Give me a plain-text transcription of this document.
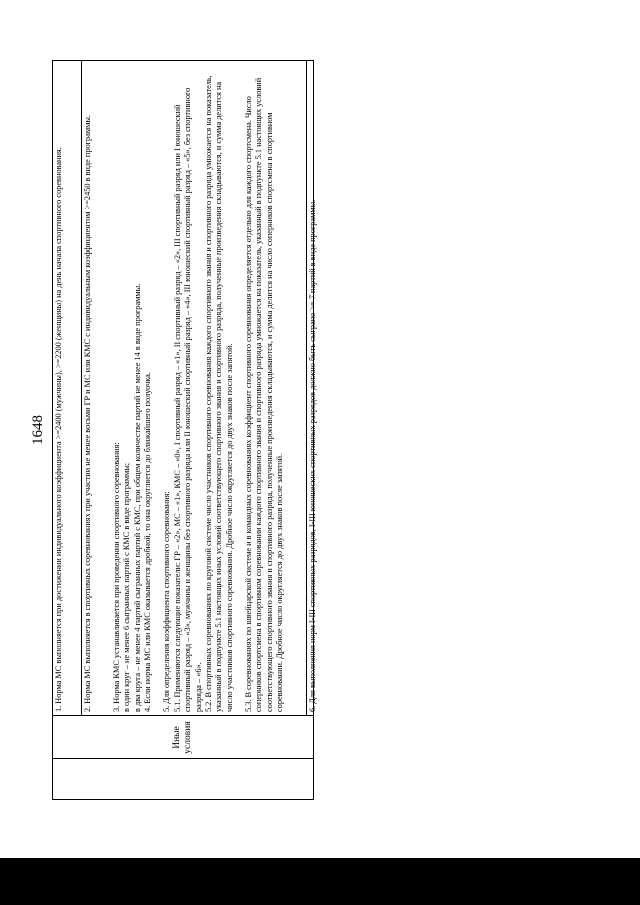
1648
Иные условия

1. Норма МС выполняется при достижении индивидуального коэффициента >=2400 (мужчины), >=2200 (женщины) на день начала спортивного соревнования. 2. Норма МС выполняется в спортивных соревнованиях при участии не менее восьми ГР и МС или КМС с индивидуальным коэффициентом >=2450 в виде программы. 3. Норма КМС устанавливается при проведении спортивного соревнования: в один круг – не менее 6 сыгранных партий с КМС в виде программы; в два круга – не менее 4 партий сыгранных партий с КМС, при общем количестве партий не менее 14 в виде программы. 4. Если норма МС или КМС оказывается дробной, то она округляется до ближайшего полуочка. 5. Для определения коэффициента спортивного соревнования: 5.1. Применяются следующие показатели: ГР – «2», МС – «1», КМС – «0», I спортивный разряд – «1», II спортивный разряд – «2», III спортивный разряд или I юношеский спортивный разряд – «3», мужчины и женщины без спортивного разряда или II юношеский спортивный разряд – «4», III юношеский спортивный разряд – «5», без спортивного разряда – «6». 5.2. В спортивных соревнованиях по круговой системе число участников спортивного соревнования каждого спортивного звания и спортивного разряда умножается на показатель, указанный в подпункте 5.1 настоящих иных условий соответствующего спортивного звания и спортивного разряда, полученные произведения складываются, и сумма делится на число участников спортивного соревнования. Дробное число округляется до двух знаков после запятой. 5.3. В соревнованиях по швейцарской системе и в командных соревнованиях коэффициент спортивного соревнования определяется отдельно для каждого спортсмена. Число соперников спортсмена в спортивном соревновании каждого спортивного звания и спортивного разряда умножается на показатель, указанный в подпункте 5.1 настоящих условий соответствующего спортивного звания и спортивного разряда, полученные произведения складываются, и сумма делится на число соперников спортсмена в спортивном соревновании. Дробное число округляется до двух знаков после запятой.	6. Для выполнения норм I-III спортивных разрядов, I-III юношеских спортивных разрядов должно быть сыграно >= 7 партий в виде программы.
